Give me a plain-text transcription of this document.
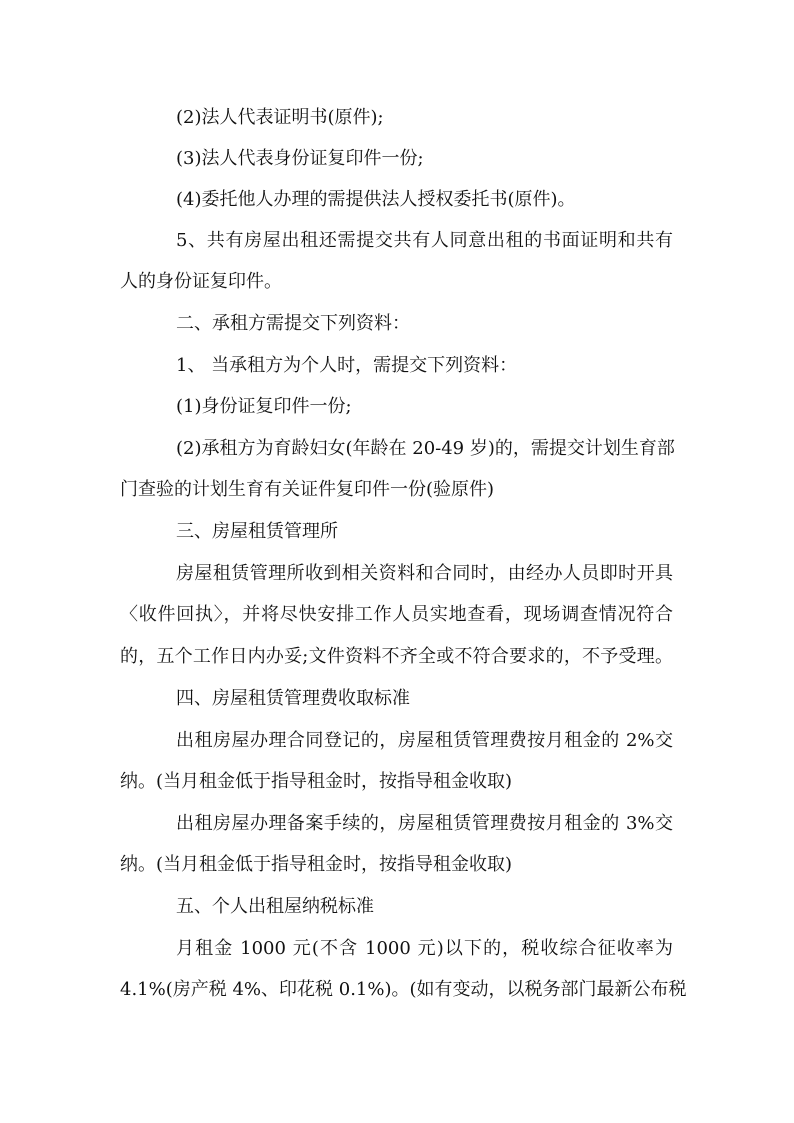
(2)法人代表证明书(原件);

(3)法人代表身份证复印件一份;

(4)委托他人办理的需提供法人授权委托书(原件)。

5、共有房屋出租还需提交共有人同意出租的书面证明和共有

人的身份证复印件。

二、承租方需提交下列资料：

1、 当承租方为个人时，需提交下列资料：

(1)身份证复印件一份;

(2)承租方为育龄妇女(年龄在 20-49 岁)的，需提交计划生育部

门查验的计划生育有关证件复印件一份(验原件)

三、房屋租赁管理所

房屋租赁管理所收到相关资料和合同时，由经办人员即时开具

〈收件回执〉，并将尽快安排工作人员实地查看，现场调查情况符合

的，五个工作日内办妥;文件资料不齐全或不符合要求的，不予受理。

四、房屋租赁管理费收取标准

出租房屋办理合同登记的，房屋租赁管理费按月租金的 2%交

纳。(当月租金低于指导租金时，按指导租金收取)

出租房屋办理备案手续的，房屋租赁管理费按月租金的 3%交

纳。(当月租金低于指导租金时，按指导租金收取)

五、个人出租屋纳税标准

月租金 1000 元(不含 1000 元)以下的，税收综合征收率为

4.1%(房产税 4%、印花税 0.1%)。(如有变动，以税务部门最新公布税
